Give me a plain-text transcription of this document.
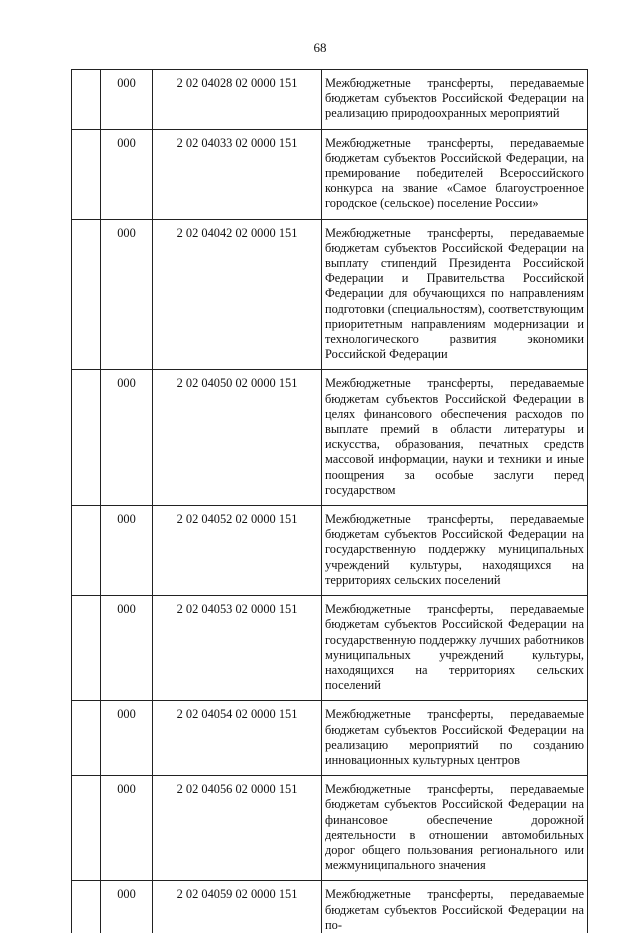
68
	000	2 02 04028 02 0000 151	Межбюджетные трансферты, передаваемые бюджетам субъектов Российской Федерации на реализацию природоохранных мероприятий
	000	2 02 04033 02 0000 151	Межбюджетные трансферты, передаваемые бюджетам субъектов Российской Федерации, на премирование победителей Всероссийского конкурса на звание «Самое благоустроенное городское (сельское) поселение России»
	000	2 02 04042 02 0000 151	Межбюджетные трансферты, передаваемые бюджетам субъектов Российской Федерации на выплату стипендий Президента Российской Федерации и Правительства Российской Федерации для обучающихся по направлениям подготовки (специальностям), соответствующим приоритетным направлениям модернизации и технологического развития экономики Российской Федерации
	000	2 02 04050 02 0000 151	Межбюджетные трансферты, передаваемые бюджетам субъектов Российской Федерации в целях финансового обеспечения расходов по выплате премий в области литературы и искусства, образования, печатных средств массовой информации, науки и техники и иные поощрения за особые заслуги перед государством
	000	2 02 04052 02 0000 151	Межбюджетные трансферты, передаваемые бюджетам субъектов Российской Федерации на государственную поддержку муниципальных учреждений культуры, находящихся на территориях сельских поселений
	000	2 02 04053 02 0000 151	Межбюджетные трансферты, передаваемые бюджетам субъектов Российской Федерации на государственную поддержку лучших работников муниципальных учреждений культуры, находящихся на территориях сельских поселений
	000	2 02 04054 02 0000 151	Межбюджетные трансферты, передаваемые бюджетам субъектов Российской Федерации на реализацию мероприятий по созданию инновационных культурных центров
	000	2 02 04056 02 0000 151	Межбюджетные трансферты, передаваемые бюджетам субъектов Российской Федерации на финансовое обеспечение дорожной деятельности в отношении автомобильных дорог общего пользования регионального или межмуниципального значения
	000	2 02 04059 02 0000 151	Межбюджетные трансферты, передаваемые бюджетам субъектов Российской Федерации на по-
